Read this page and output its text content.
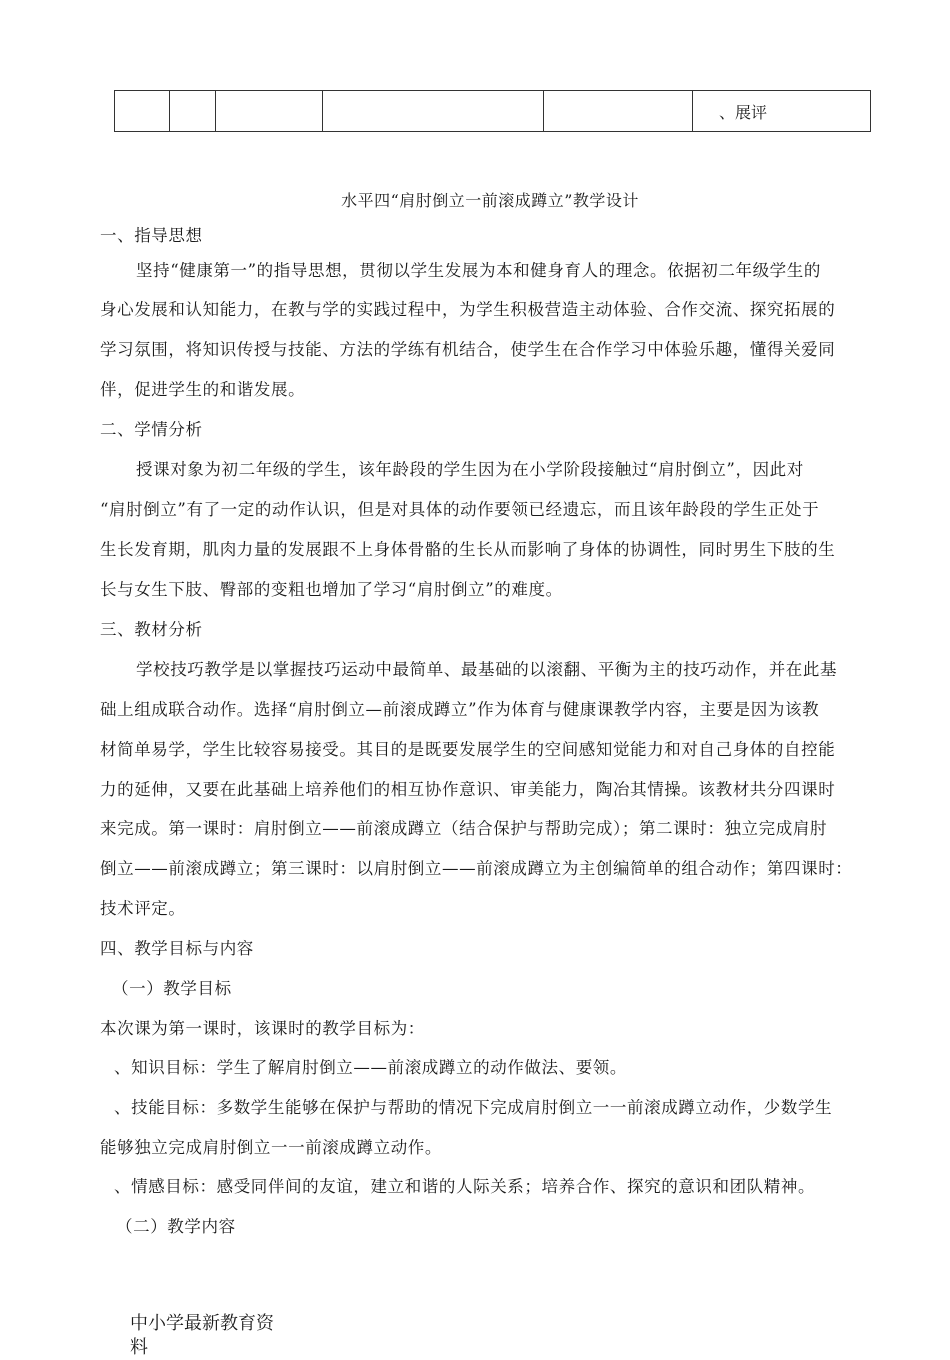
					、展评
水平四“肩肘倒立一前滚成蹲立”教学设计
一、指导思想
坚持“健康第一”的指导思想，贯彻以学生发展为本和健身育人的理念。依据初二年级学生的
身心发展和认知能力，在教与学的实践过程中，为学生积极营造主动体验、合作交流、探究拓展的
学习氛围，将知识传授与技能、方法的学练有机结合，使学生在合作学习中体验乐趣，懂得关爱同
伴，促进学生的和谐发展。
二、学情分析
授课对象为初二年级的学生，该年龄段的学生因为在小学阶段接触过“肩肘倒立”，因此对
“肩肘倒立”有了一定的动作认识，但是对具体的动作要领已经遗忘，而且该年龄段的学生正处于
生长发育期，肌肉力量的发展跟不上身体骨骼的生长从而影响了身体的协调性，同时男生下肢的生
长与女生下肢、臀部的变粗也增加了学习“肩肘倒立”的难度。
三、教材分析
学校技巧教学是以掌握技巧运动中最简单、最基础的以滚翻、平衡为主的技巧动作，并在此基
础上组成联合动作。选择“肩肘倒立—前滚成蹲立”作为体育与健康课教学内容，主要是因为该教
材简单易学，学生比较容易接受。其目的是既要发展学生的空间感知觉能力和对自己身体的自控能
力的延伸，又要在此基础上培养他们的相互协作意识、审美能力，陶冶其情操。该教材共分四课时
来完成。第一课时：肩肘倒立——前滚成蹲立（结合保护与帮助完成）；第二课时：独立完成肩肘
倒立——前滚成蹲立；第三课时：以肩肘倒立——前滚成蹲立为主创编简单的组合动作；第四课时：
技术评定。
四、教学目标与内容
（一）教学目标
本次课为第一课时，该课时的教学目标为：
、知识目标：学生了解肩肘倒立——前滚成蹲立的动作做法、要领。
、技能目标：多数学生能够在保护与帮助的情况下完成肩肘倒立一一前滚成蹲立动作，少数学生
能够独立完成肩肘倒立一一前滚成蹲立动作。
、情感目标：感受同伴间的友谊，建立和谐的人际关系；培养合作、探究的意识和团队精神。
（二）教学内容
中小学最新教育资料
